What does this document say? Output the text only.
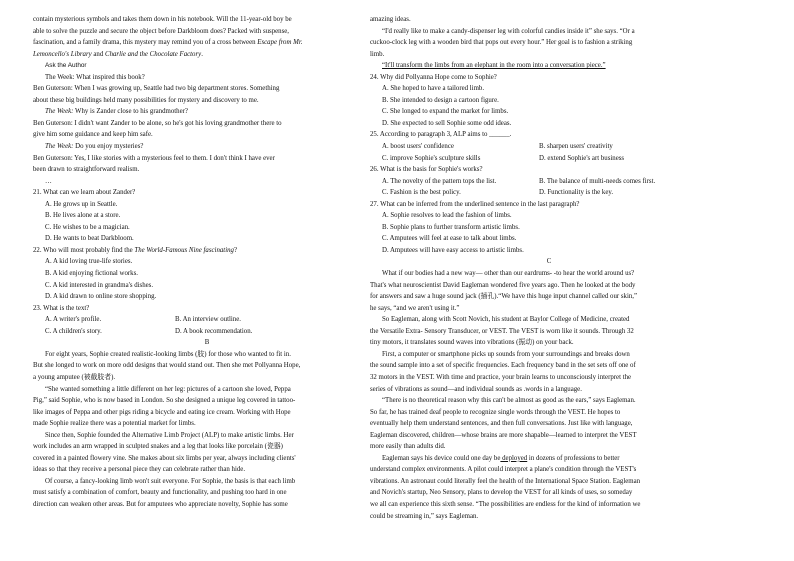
contain mysterious symbols and takes them down in his notebook. Will the 11-year-old boy be
able to solve the puzzle and secure the object before Darkbloom does? Packed with suspense,
fascination, and a family drama, this mystery may remind you of a cross between Escape from Mr.
Lemoncello's Library and Charlie and the Chocolate Factory.
Ask the Author
The Week: What inspired this book?
Ben Guterson: When I was growing up, Seattle had two big department stores. Something
about these big buildings held many possibilities for mystery and discovery to me.
The Week: Why is Zander close to his grandmother?
Ben Guterson: I didn't want Zander to be alone, so he's got his loving grandmother there to
give him some guidance and keep him safe.
The Week: Do you enjoy mysteries?
Ben Guterson: Yes, I like stories with a mysterious feel to them. I don't think I have ever
been drawn to straightforward realism.
…
21. What can we learn about Zander?
A. He grows up in Seattle.
B. He lives alone at a store.
C. He wishes to be a magician.
D. He wants to beat Darkbloom.
22. Who will most probably find the The World-Famous Nine fascinating?
A. A kid loving true-life stories.
B. A kid enjoying fictional works.
C. A kid interested in grandma's dishes.
D. A kid drawn to online store shopping.
23. What is the text?
A. A writer's profile.	B. An interview outline.
C. A children's story.	D. A book recommendation.
B
For eight years, Sophie created realistic-looking limbs (肢) for those who wanted to fit in.
But she longed to work on more odd designs that would stand out. Then she met Pollyanna Hope,
a young amputee (被截肢者).
“She wanted something a little different on her leg: pictures of a cartoon she loved, Peppa
Pig,” said Sophie, who is now based in London. So she designed a unique leg covered in tattoo-
like images of Peppa and other pigs riding a bicycle and eating ice cream. Working with Hope
made Sophie realize there was a potential market for limbs.
Since then, Sophie founded the Alternative Limb Project (ALP) to make artistic limbs. Her
work includes an arm wrapped in sculpted snakes and a leg that looks like porcelain (瓷器)
covered in a painted flowery vine. She makes about six limbs per year, always including clients'
ideas so that they receive a personal piece they can celebrate rather than hide.
Of course, a fancy-looking limb won't suit everyone. For Sophie, the basis is that each limb
must satisfy a combination of comfort, beauty and functionality, and pushing too hard in one
direction can weaken other areas. But for amputees who appreciate novelty, Sophie has some
amazing ideas.
“I'd really like to make a candy-dispenser leg with colorful candies inside it” she says. “Or a
cuckoo-clock leg with a wooden bird that pops out every hour.” Her goal is to fashion a striking
limb.
“It'll transform the limbs from an elephant in the room into a conversation piece.”
24. Why did Pollyanna Hope come to Sophie?
A. She hoped to have a tailored limb.
B. She intended to design a cartoon figure.
C. She longed to expand the market for limbs.
D. She expected to sell Sophie some odd ideas.
25. According to paragraph 3, ALP aims to ______.
A. boost users' confidence	B. sharpen users' creativity
C. improve Sophie's sculpture skills	D. extend Sophie's art business
26. What is the basis for Sophie's works?
A. The novelty of the pattern tops the list.	B. The balance of multi-needs comes first.
C. Fashion is the best policy.	D. Functionality is the key.
27. What can be inferred from the underlined sentence in the last paragraph?
A. Sophie resolves to lead the fashion of limbs.
B. Sophie plans to further transform artistic limbs.
C. Amputees will feel at ease to talk about limbs.
D. Amputees will have easy access to artistic limbs.
C
What if our bodies had a new way— other than our eardrums- -to hear the world around us?
That's what neuroscientist David Eagleman wondered five years ago. Then he looked at the body
for answers and saw a huge sound jack (插孔).“We have this huge input channel called our skin,”
he says, “and we aren't using it.”
So Eagleman, along with Scott Novich, his student at Baylor College of Medicine, created
the Versatile Extra- Sensory Transducer, or VEST. The VEST is worn like it sounds. Through 32
tiny motors, it translates sound waves into vibrations (振动) on your back.
First, a computer or smartphone picks up sounds from your surroundings and breaks down
the sound sample into a set of specific frequencies. Each frequency band in the set sets off one of
32 motors in the VEST. With time and practice, your brain learns to unconsciously interpret the
series of vibrations as sound—and individual sounds as .words in a language.
“There is no theoretical reason why this can't be almost as good as the ears,” says Eagleman.
So far, he has trained deaf people to recognize single words through the VEST. He hopes to
eventually help them understand sentences, and then full conversations. Just like with language,
Eagleman discovered, children—whose brains are more shapable—learned to interpret the VEST
more easily than adults did.
Eagleman says his device could one day be deployed in dozens of professions to better
understand complex environments. A pilot could interpret a plane's condition through the VEST's
vibrations. An astronaut could literally feel the health of the International Space Station. Eagleman
and Novich's startup, Neo Sensory, plans to develop the VEST for all kinds of uses, so someday
we all can experience this sixth sense. “The possibilities are endless for the kind of information we
could be streaming in,” says Eagleman.
